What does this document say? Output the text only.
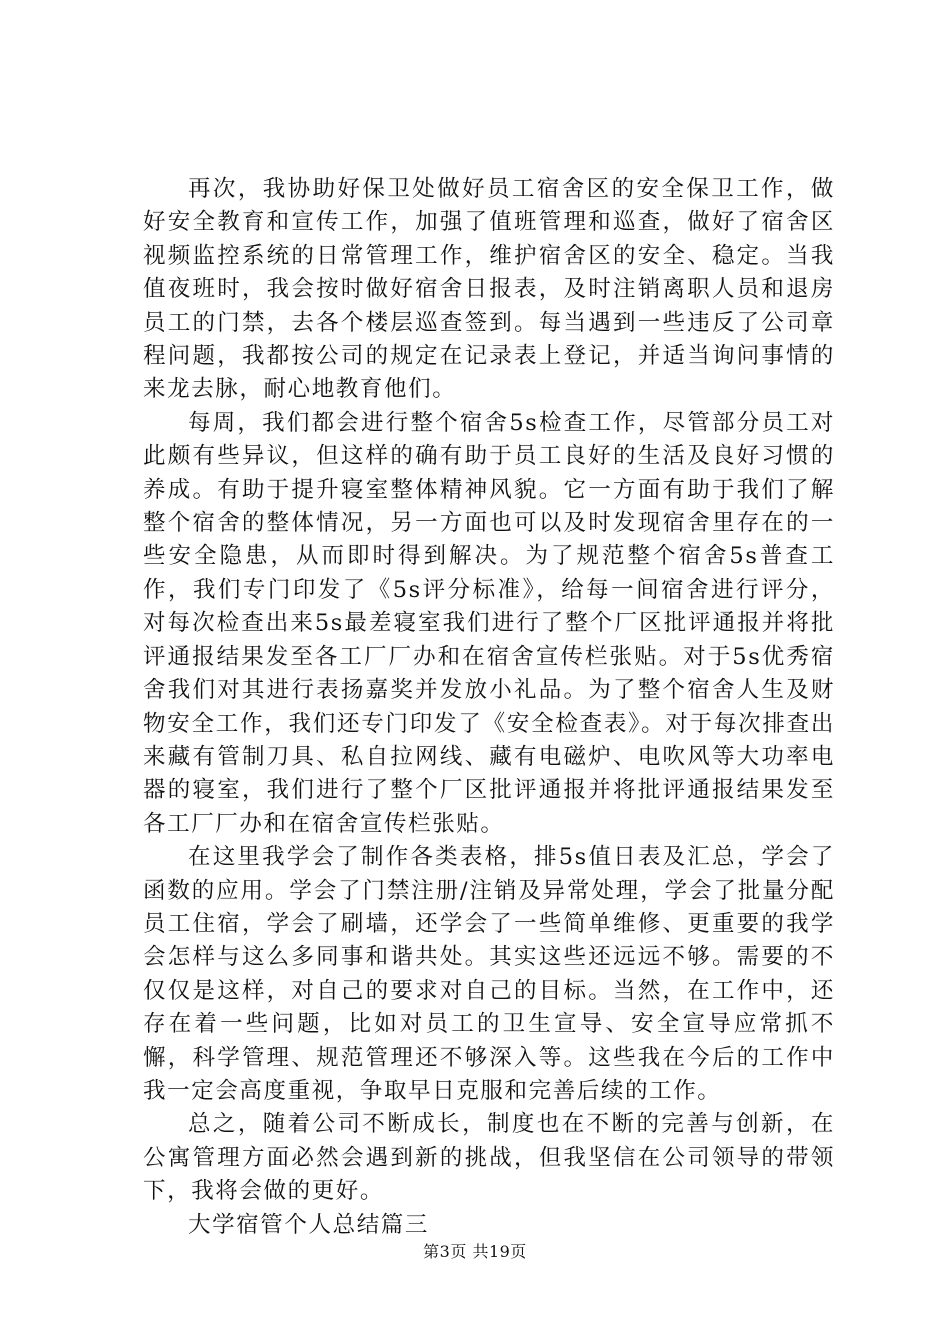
再次，我协助好保卫处做好员工宿舍区的安全保卫工作，做好安全教育和宣传工作，加强了值班管理和巡查，做好了宿舍区视频监控系统的日常管理工作，维护宿舍区的安全、稳定。当我值夜班时，我会按时做好宿舍日报表，及时注销离职人员和退房员工的门禁，去各个楼层巡查签到。每当遇到一些违反了公司章程问题，我都按公司的规定在记录表上登记，并适当询问事情的来龙去脉，耐心地教育他们。

每周，我们都会进行整个宿舍5s检查工作，尽管部分员工对此颇有些异议，但这样的确有助于员工良好的生活及良好习惯的养成。有助于提升寝室整体精神风貌。它一方面有助于我们了解整个宿舍的整体情况，另一方面也可以及时发现宿舍里存在的一些安全隐患，从而即时得到解决。为了规范整个宿舍5s普查工作，我们专门印发了《5s评分标准》，给每一间宿舍进行评分，对每次检查出来5s最差寝室我们进行了整个厂区批评通报并将批评通报结果发至各工厂厂办和在宿舍宣传栏张贴。对于5s优秀宿舍我们对其进行表扬嘉奖并发放小礼品。为了整个宿舍人生及财物安全工作，我们还专门印发了《安全检查表》。对于每次排查出来藏有管制刀具、私自拉网线、藏有电磁炉、电吹风等大功率电器的寝室，我们进行了整个厂区批评通报并将批评通报结果发至各工厂厂办和在宿舍宣传栏张贴。

在这里我学会了制作各类表格，排5s值日表及汇总，学会了函数的应用。学会了门禁注册/注销及异常处理，学会了批量分配员工住宿，学会了刷墙，还学会了一些简单维修、更重要的我学会怎样与这么多同事和谐共处。其实这些还远远不够。需要的不仅仅是这样，对自己的要求对自己的目标。当然，在工作中，还存在着一些问题，比如对员工的卫生宣导、安全宣导应常抓不懈，科学管理、规范管理还不够深入等。这些我在今后的工作中我一定会高度重视，争取早日克服和完善后续的工作。

总之，随着公司不断成长，制度也在不断的完善与创新，在公寓管理方面必然会遇到新的挑战，但我坚信在公司领导的带领下，我将会做的更好。

大学宿管个人总结篇三

第3页 共19页
